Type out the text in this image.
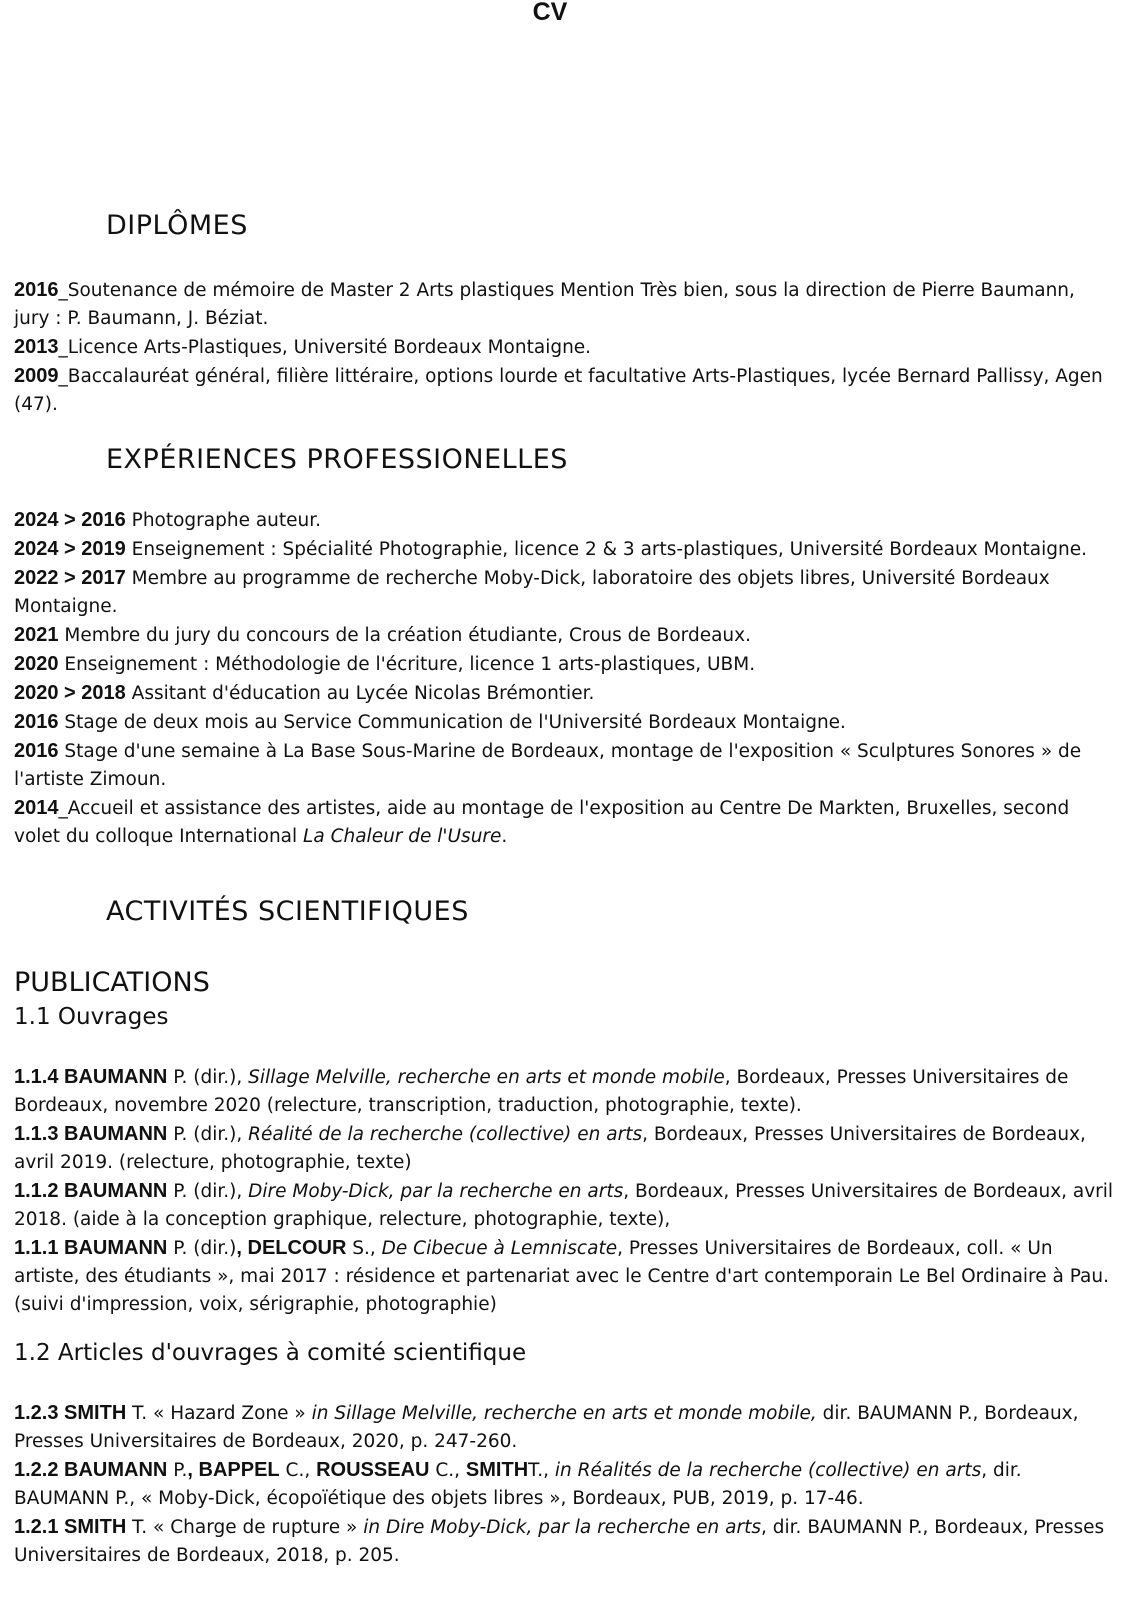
CV
DIPLÔMES

2016_Soutenance de mémoire de Master 2 Arts plastiques Mention Très bien, sous la direction de Pierre Baumann, jury : P. Baumann, J. Béziat.

2013_Licence Arts-Plastiques, Université Bordeaux Montaigne.

2009_Baccalauréat général, filière littéraire, options lourde et facultative Arts-Plastiques, lycée Bernard Pallissy, Agen (47).

EXPÉRIENCES PROFESSIONELLES

2024 > 2016 Photographe auteur.

2024 > 2019 Enseignement : Spécialité Photographie, licence 2 & 3 arts-plastiques, Université Bordeaux Montaigne.

2022 > 2017 Membre au programme de recherche Moby-Dick, laboratoire des objets libres, Université Bordeaux Montaigne.

2021 Membre du jury du concours de la création étudiante, Crous de Bordeaux.

2020 Enseignement : Méthodologie de l'écriture, licence 1 arts-plastiques, UBM.

2020 > 2018 Assitant d'éducation au Lycée Nicolas Brémontier.

2016 Stage de deux mois au Service Communication de l'Université Bordeaux Montaigne.

2016 Stage d'une semaine à La Base Sous-Marine de Bordeaux, montage de l'exposition « Sculptures Sonores » de l'artiste Zimoun.

2014_Accueil et assistance des artistes, aide au montage de l'exposition au Centre De Markten, Bruxelles, second volet du colloque International La Chaleur de l'Usure.

ACTIVITÉS SCIENTIFIQUES
PUBLICATIONS
1.1 Ouvrages

1.1.4 BAUMANN P. (dir.), Sillage Melville, recherche en arts et monde mobile, Bordeaux, Presses Universitaires de Bordeaux, novembre 2020 (relecture, transcription, traduction, photographie, texte).

1.1.3 BAUMANN P. (dir.), Réalité de la recherche (collective) en arts, Bordeaux, Presses Universitaires de Bordeaux, avril 2019. (relecture, photographie, texte)

1.1.2 BAUMANN P. (dir.), Dire Moby-Dick, par la recherche en arts, Bordeaux, Presses Universitaires de Bordeaux, avril 2018. (aide à la conception graphique, relecture, photographie, texte),

1.1.1 BAUMANN P. (dir.), DELCOUR S., De Cibecue à Lemniscate, Presses Universitaires de Bordeaux, coll. « Un artiste, des étudiants », mai 2017 : résidence et partenariat avec le Centre d'art contemporain Le Bel Ordinaire à Pau. (suivi d'impression, voix, sérigraphie, photographie)

1.2 Articles d'ouvrages à comité scientifique

1.2.3 SMITH T. « Hazard Zone » in Sillage Melville, recherche en arts et monde mobile, dir. BAUMANN P., Bordeaux, Presses Universitaires de Bordeaux, 2020, p. 247-260.

1.2.2 BAUMANN P., BAPPEL C., ROUSSEAU C., SMITHT., in Réalités de la recherche (collective) en arts, dir. BAUMANN P., « Moby-Dick, écopoïétique des objets libres », Bordeaux, PUB, 2019, p. 17-46.

1.2.1 SMITH T. « Charge de rupture » in Dire Moby-Dick, par la recherche en arts, dir. BAUMANN P., Bordeaux, Presses Universitaires de Bordeaux, 2018, p. 205.
